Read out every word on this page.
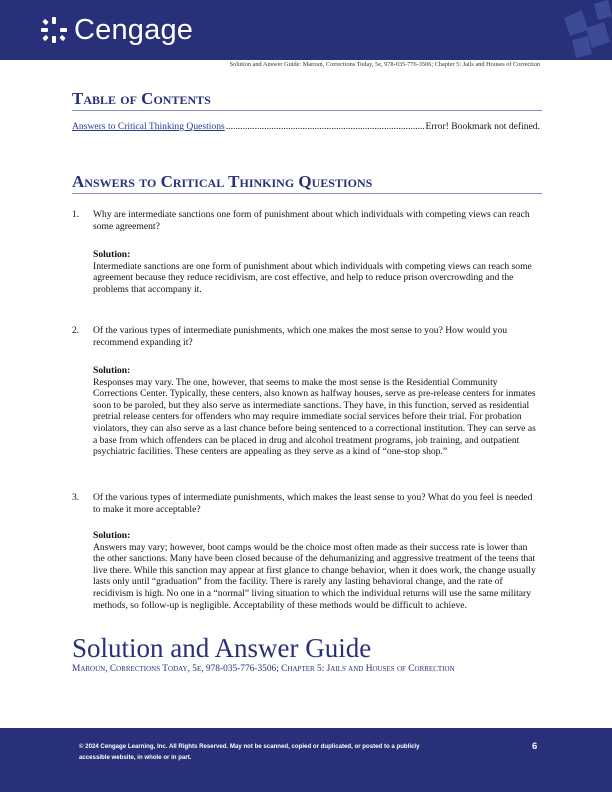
Cengage
Solution and Answer Guide: Maroun, Corrections Today, 5e, 978-035-776-3506; Chapter 5: Jails and Houses of Correction
Table of Contents
Answers to Critical Thinking Questions
.....	Error! Bookmark not defined.
Answers to Critical Thinking Questions
1. Why are intermediate sanctions one form of punishment about which individuals with competing views can reach some agreement?
Solution:
Intermediate sanctions are one form of punishment about which individuals with competing views can reach some agreement because they reduce recidivism, are cost effective, and help to reduce prison overcrowding and the problems that accompany it.
2. Of the various types of intermediate punishments, which one makes the most sense to you? How would you recommend expanding it?
Solution:
Responses may vary. The one, however, that seems to make the most sense is the Residential Community Corrections Center. Typically, these centers, also known as halfway houses, serve as pre-release centers for inmates soon to be paroled, but they also serve as intermediate sanctions. They have, in this function, served as residential pretrial release centers for offenders who may require immediate social services before their trial. For probation violators, they can also serve as a last chance before being sentenced to a correctional institution. They can serve as a base from which offenders can be placed in drug and alcohol treatment programs, job training, and outpatient psychiatric facilities. These centers are appealing as they serve as a kind of “one-stop shop.”
3. Of the various types of intermediate punishments, which makes the least sense to you? What do you feel is needed to make it more acceptable?
Solution:
Answers may vary; however, boot camps would be the choice most often made as their success rate is lower than the other sanctions. Many have been closed because of the dehumanizing and aggressive treatment of the teens that live there. While this sanction may appear at first glance to change behavior, when it does work, the change usually lasts only until “graduation” from the facility. There is rarely any lasting behavioral change, and the rate of recidivism is high. No one in a “normal” living situation to which the individual returns will use the same military methods, so follow-up is negligible. Acceptability of these methods would be difficult to achieve.
Solution and Answer Guide
Maroun, Corrections Today, 5e, 978-035-776-3506; Chapter 5: Jails and Houses of Correction
© 2024 Cengage Learning, Inc. All Rights Reserved. May not be scanned, copied or duplicated, or posted to a publicly
accessible website, in whole or in part.
6
